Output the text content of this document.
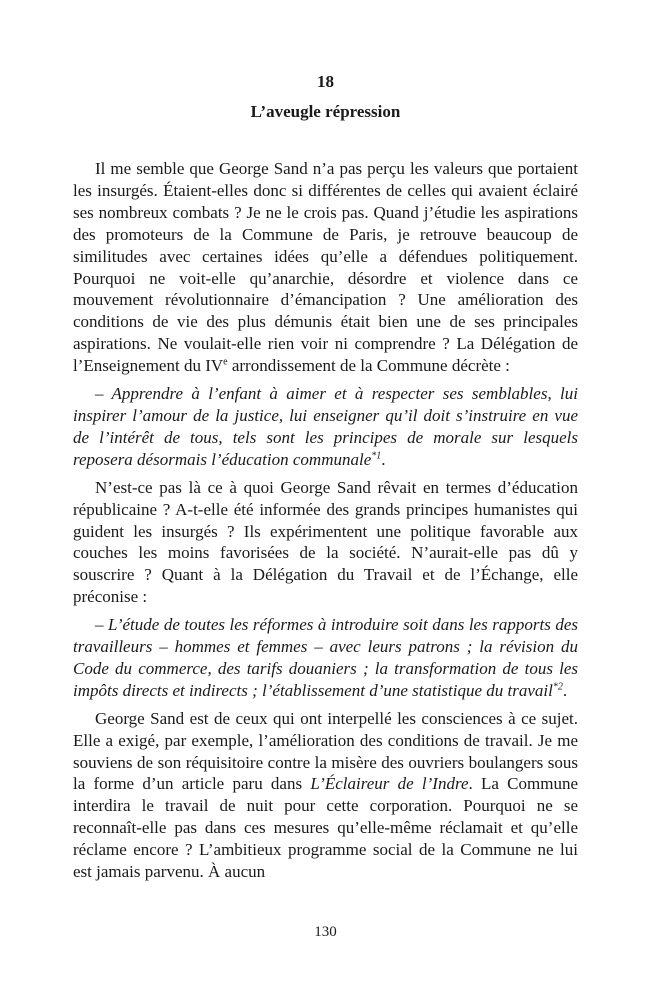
18
L’aveugle répression

Il me semble que George Sand n’a pas perçu les valeurs que portaient les insurgés. Étaient-elles donc si différentes de celles qui avaient éclairé ses nombreux combats ? Je ne le crois pas. Quand j’étudie les aspirations des promoteurs de la Commune de Paris, je retrouve beaucoup de similitudes avec certaines idées qu’elle a défendues politiquement. Pourquoi ne voit-elle qu’anarchie, désordre et violence dans ce mouvement révolutionnaire d’émancipation ? Une amélioration des conditions de vie des plus démunis était bien une de ses principales aspirations. Ne voulait-elle rien voir ni comprendre ? La Délégation de l’Enseignement du IVe arrondissement de la Commune décrète :

– Apprendre à l’enfant à aimer et à respecter ses semblables, lui inspirer l’amour de la justice, lui enseigner qu’il doit s’instruire en vue de l’intérêt de tous, tels sont les principes de morale sur lesquels reposera désormais l’éducation communale$^{*1}$.

N’est-ce pas là ce à quoi George Sand rêvait en termes d’éducation républicaine ? A-t-elle été informée des grands principes humanistes qui guident les insurgés ? Ils expérimentent une politique favorable aux couches les moins favorisées de la société. N’aurait-elle pas dû y souscrire ? Quant à la Délégation du Travail et de l’Échange, elle préconise :

– L’étude de toutes les réformes à introduire soit dans les rapports des travailleurs – hommes et femmes – avec leurs patrons ; la révision du Code du commerce, des tarifs douaniers ; la transformation de tous les impôts directs et indirects ; l’établissement d’une statistique du travail$^{*2}$.

George Sand est de ceux qui ont interpellé les consciences à ce sujet. Elle a exigé, par exemple, l’amélioration des conditions de travail. Je me souviens de son réquisitoire contre la misère des ouvriers boulangers sous la forme d’un article paru dans L’Éclaireur de l’Indre. La Commune interdira le travail de nuit pour cette corporation. Pourquoi ne se reconnaît-elle pas dans ces mesures qu’elle-même réclamait et qu’elle réclame encore ? L’ambitieux programme social de la Commune ne lui est jamais parvenu. À aucun

130
